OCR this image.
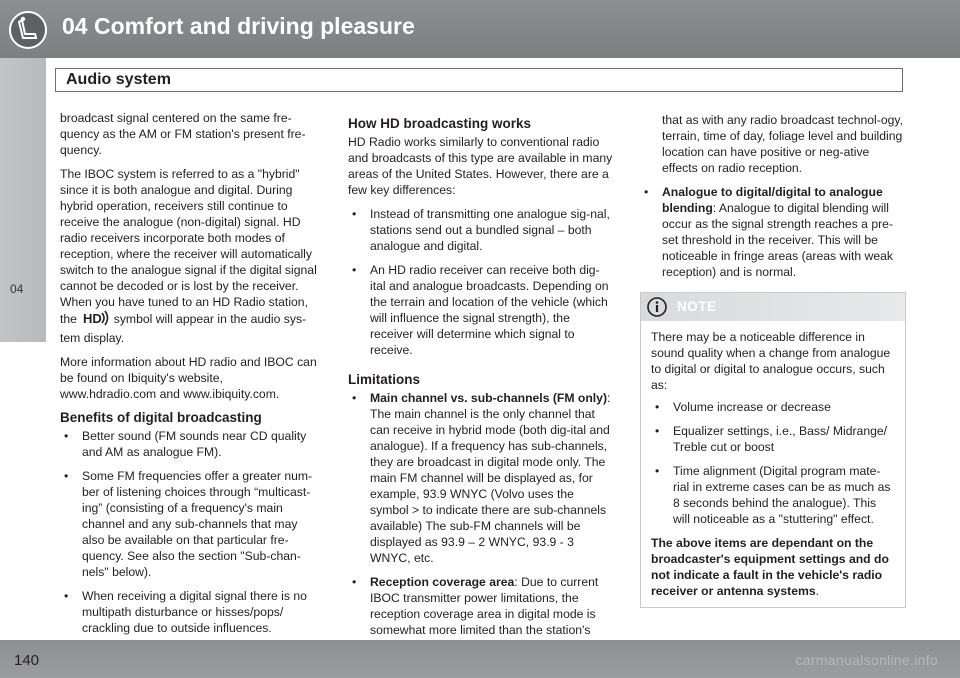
04 Comfort and driving pleasure
Audio system
04

broadcast signal centered on the same fre-quency as the AM or FM station's present fre-quency.

The IBOC system is referred to as a "hybrid" since it is both analogue and digital. During hybrid operation, receivers still continue to receive the analogue (non-digital) signal. HD radio receivers incorporate both modes of reception, where the receiver will automatically switch to the analogue signal if the digital signal cannot be decoded or is lost by the receiver. When you have tuned to an HD Radio station, the HD symbol will appear in the audio sys-tem display.

More information about HD radio and IBOC can be found on Ibiquity's website, www.hdradio.com and www.ibiquity.com.

Benefits of digital broadcasting
• Better sound (FM sounds near CD quality and AM as analogue FM).
• Some FM frequencies offer a greater num-ber of listening choices through “multicast-ing” (consisting of a frequency's main channel and any sub-channels that may also be available on that particular fre-quency. See also the section "Sub-chan-nels" below).
• When receiving a digital signal there is no multipath disturbance or hisses/pops/ crackling due to outside influences.
How HD broadcasting works

HD Radio works similarly to conventional radio and broadcasts of this type are available in many areas of the United States. However, there are a few key differences:

• Instead of transmitting one analogue sig-nal, stations send out a bundled signal – both analogue and digital.
• An HD radio receiver can receive both dig-ital and analogue broadcasts. Depending on the terrain and location of the vehicle (which will influence the signal strength), the receiver will determine which signal to receive.
Limitations
• Main channel vs. sub-channels (FM only): The main channel is the only channel that can receive in hybrid mode (both dig-ital and analogue). If a frequency has sub-channels, they are broadcast in digital mode only. The main FM channel will be displayed as, for example, 93.9 WNYC (Volvo uses the symbol > to indicate there are sub-channels available) The sub-FM channels will be displayed as 93.9 – 2 WNYC, 93.9 - 3 WNYC, etc.
• Reception coverage area: Due to current IBOC transmitter power limitations, the reception coverage area in digital mode is somewhat more limited than the station's

that as with any radio broadcast technol-ogy, terrain, time of day, foliage level and building location can have positive or neg-ative effects on radio reception.

• Analogue to digital/digital to analogue blending: Analogue to digital blending will occur as the signal strength reaches a pre-set threshold in the receiver. This will be noticeable in fringe areas (areas with weak reception) and is normal.
NOTE

There may be a noticeable difference in sound quality when a change from analogue to digital or digital to analogue occurs, such as:

• Volume increase or decrease
• Equalizer settings, i.e., Bass/ Midrange/ Treble cut or boost
• Time alignment (Digital program mate-rial in extreme cases can be as much as 8 seconds behind the analogue). This will noticeable as a "stuttering" effect.

The above items are dependant on the broadcaster's equipment settings and do not indicate a fault in the vehicle's radio receiver or antenna systems.

140	carmanualsonline.info
